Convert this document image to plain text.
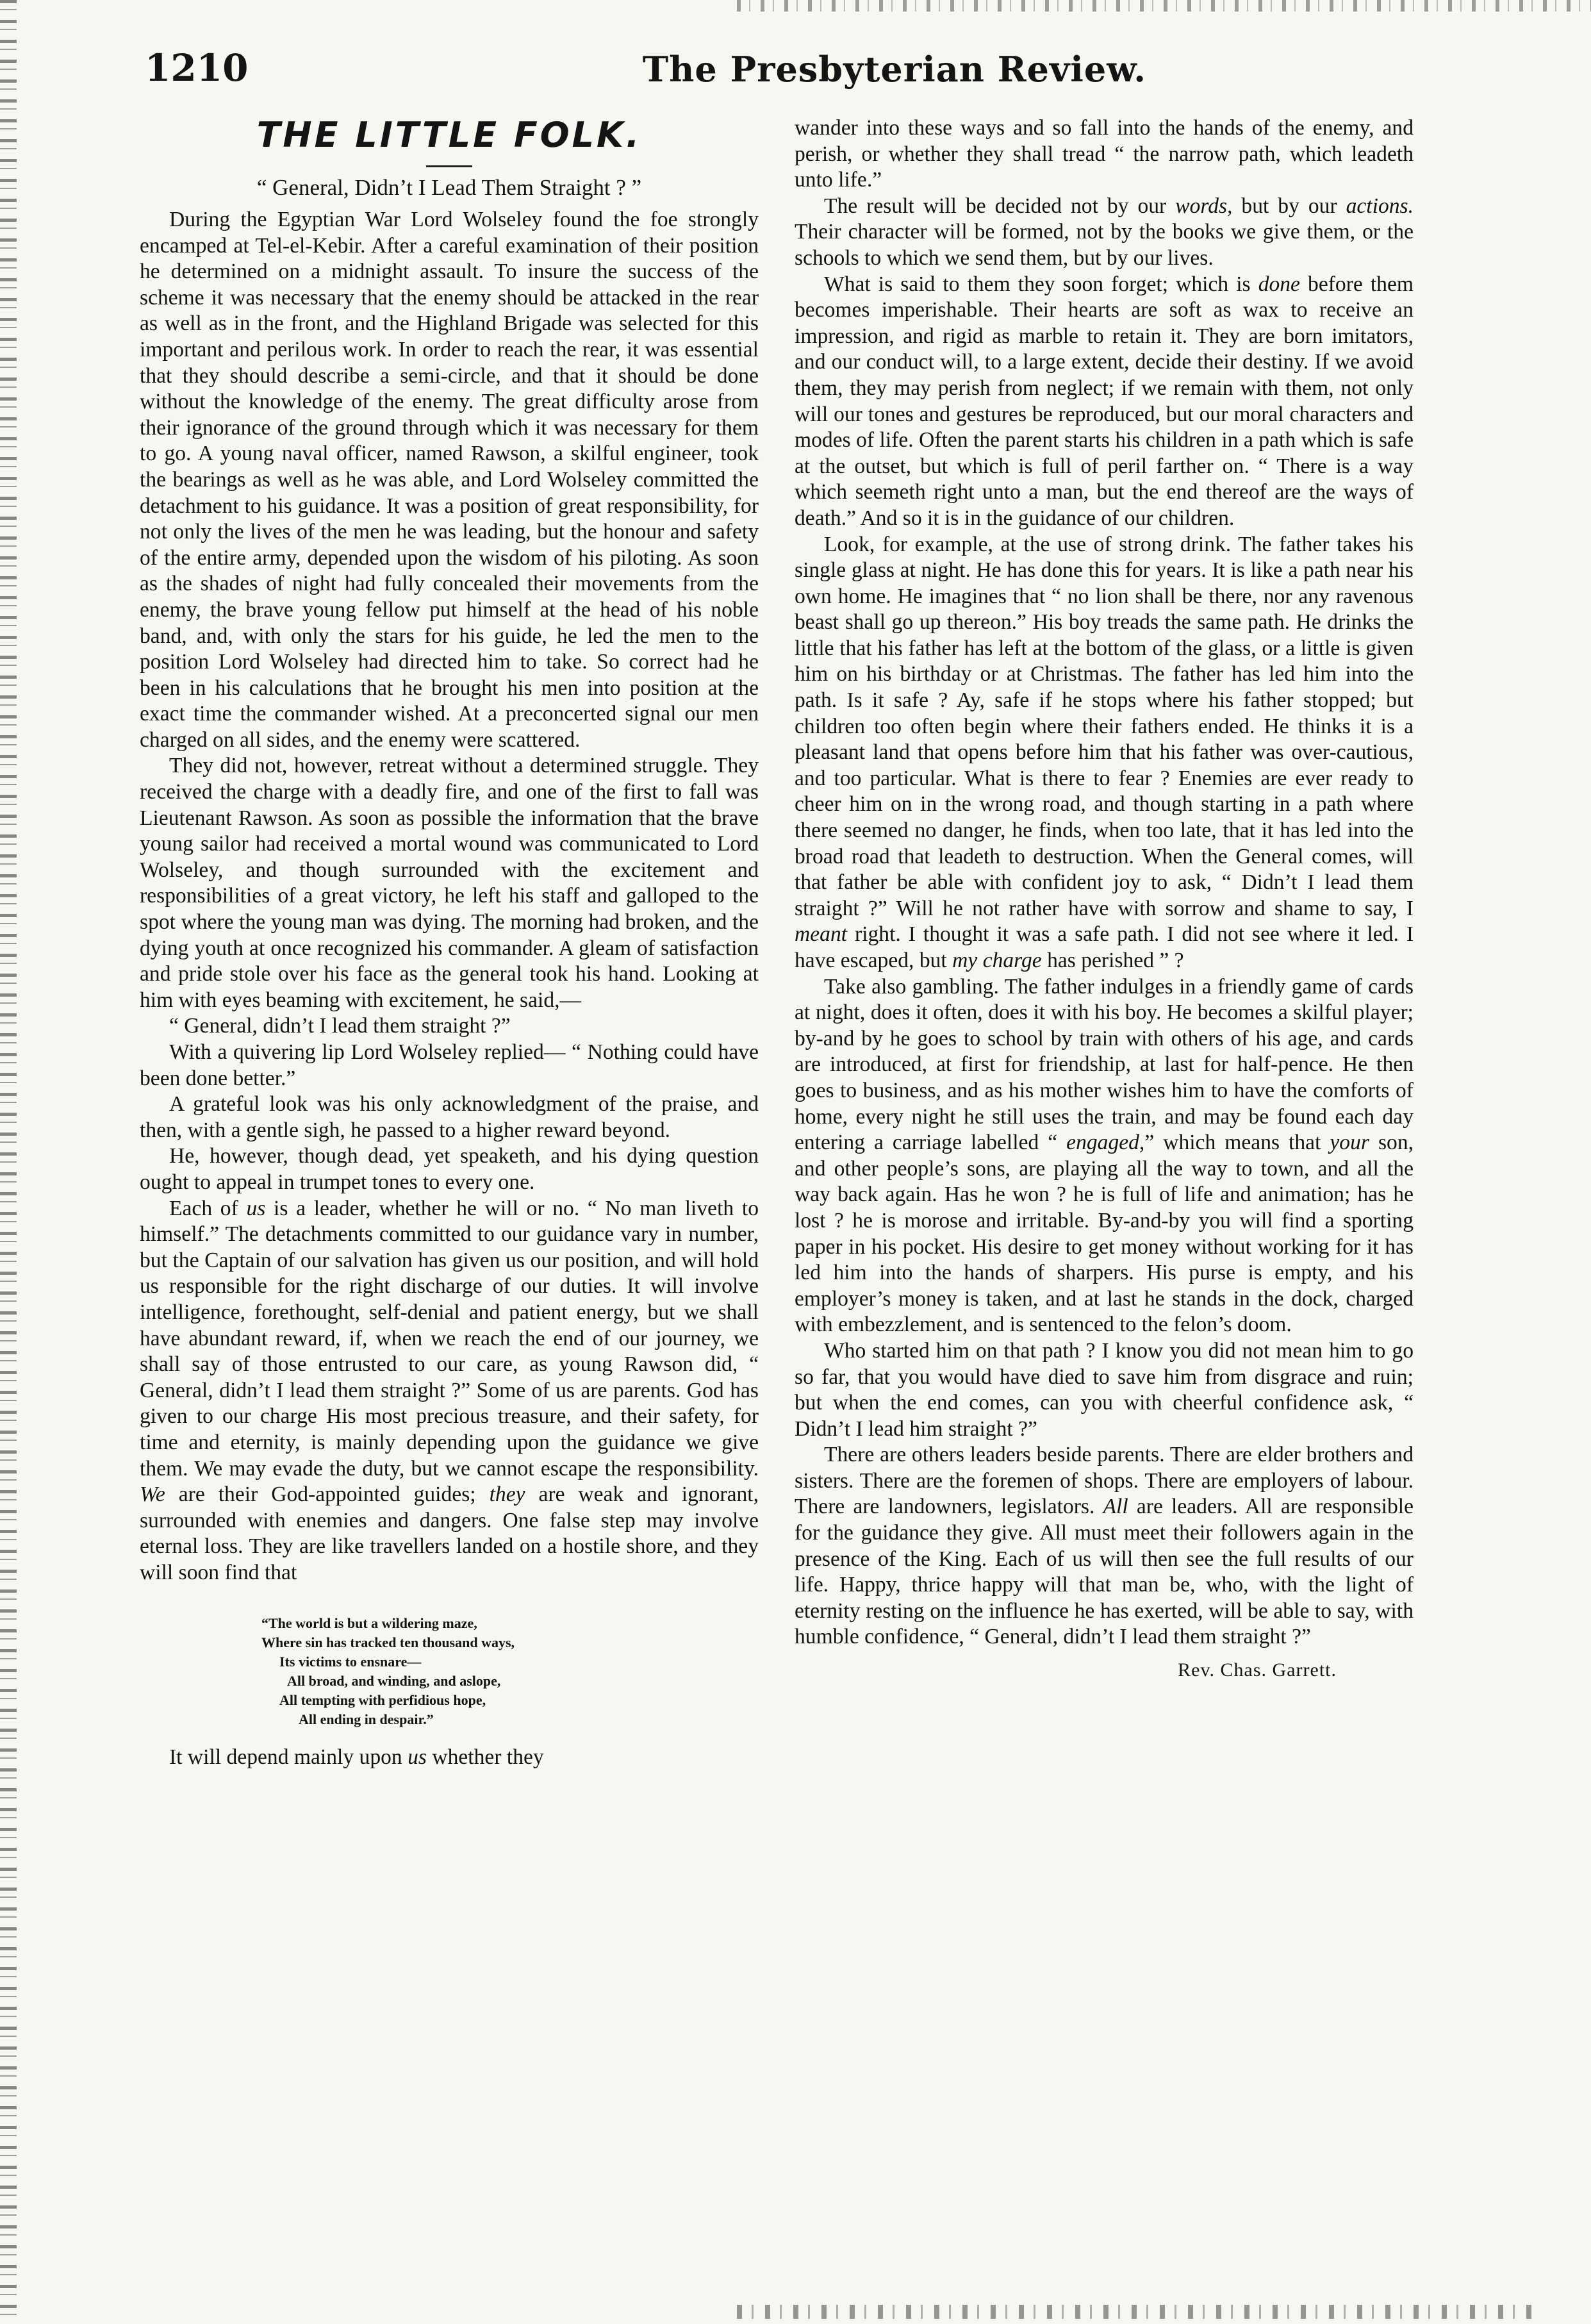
1210	The Presbyterian Review.
THE LITTLE FOLK.
“ General, Didn’t I Lead Them Straight ? ”

During the Egyptian War Lord Wolseley found the foe strongly encamped at Tel-el-Kebir. After a careful examination of their position he determined on a midnight assault. To insure the success of the scheme it was necessary that the enemy should be attacked in the rear as well as in the front, and the Highland Brigade was selected for this important and perilous work. In order to reach the rear, it was essential that they should describe a semi-circle, and that it should be done without the knowledge of the enemy. The great difficulty arose from their ignorance of the ground through which it was necessary for them to go. A young naval officer, named Rawson, a skilful engineer, took the bearings as well as he was able, and Lord Wolseley committed the detachment to his guidance. It was a position of great responsibility, for not only the lives of the men he was leading, but the honour and safety of the entire army, depended upon the wisdom of his piloting. As soon as the shades of night had fully concealed their movements from the enemy, the brave young fellow put himself at the head of his noble band, and, with only the stars for his guide, he led the men to the position Lord Wolseley had directed him to take. So correct had he been in his calculations that he brought his men into position at the exact time the commander wished. At a preconcerted signal our men charged on all sides, and the enemy were scattered.

They did not, however, retreat without a determined struggle. They received the charge with a deadly fire, and one of the first to fall was Lieutenant Rawson. As soon as possible the information that the brave young sailor had received a mortal wound was communicated to Lord Wolseley, and though surrounded with the excitement and responsibilities of a great victory, he left his staff and galloped to the spot where the young man was dying. The morning had broken, and the dying youth at once recognized his commander. A gleam of satisfaction and pride stole over his face as the general took his hand. Looking at him with eyes beaming with excitement, he said,—

“ General, didn’t I lead them straight ?”

With a quivering lip Lord Wolseley replied— “ Nothing could have been done better.”

A grateful look was his only acknowledgment of the praise, and then, with a gentle sigh, he passed to a higher reward beyond.

He, however, though dead, yet speaketh, and his dying question ought to appeal in trumpet tones to every one.

Each of us is a leader, whether he will or no. “ No man liveth to himself.” The detachments committed to our guidance vary in number, but the Captain of our salvation has given us our position, and will hold us responsible for the right discharge of our duties. It will involve intelligence, forethought, self-denial and patient energy, but we shall have abundant reward, if, when we reach the end of our journey, we shall say of those entrusted to our care, as young Rawson did, “ General, didn’t I lead them straight ?” Some of us are parents. God has given to our charge His most precious treasure, and their safety, for time and eternity, is mainly depending upon the guidance we give them. We may evade the duty, but we cannot escape the responsibility. We are their God-appointed guides; they are weak and ignorant, surrounded with enemies and dangers. One false step may involve eternal loss. They are like travellers landed on a hostile shore, and they will soon find that

“The world is but a wildering maze,
Where sin has tracked ten thousand ways,
Its victims to ensnare—
All broad, and winding, and aslope,
All tempting with perfidious hope,
All ending in despair.”

It will depend mainly upon us whether they

wander into these ways and so fall into the hands of the enemy, and perish, or whether they shall tread “ the narrow path, which leadeth unto life.”

The result will be decided not by our words, but by our actions. Their character will be formed, not by the books we give them, or the schools to which we send them, but by our lives.

What is said to them they soon forget; which is done before them becomes imperishable. Their hearts are soft as wax to receive an impression, and rigid as marble to retain it. They are born imitators, and our conduct will, to a large extent, decide their destiny. If we avoid them, they may perish from neglect; if we remain with them, not only will our tones and gestures be reproduced, but our moral characters and modes of life. Often the parent starts his children in a path which is safe at the outset, but which is full of peril farther on. “ There is a way which seemeth right unto a man, but the end thereof are the ways of death.” And so it is in the guidance of our children.

Look, for example, at the use of strong drink. The father takes his single glass at night. He has done this for years. It is like a path near his own home. He imagines that “ no lion shall be there, nor any ravenous beast shall go up thereon.” His boy treads the same path. He drinks the little that his father has left at the bottom of the glass, or a little is given him on his birthday or at Christmas. The father has led him into the path. Is it safe ? Ay, safe if he stops where his father stopped; but children too often begin where their fathers ended. He thinks it is a pleasant land that opens before him that his father was over-cautious, and too particular. What is there to fear ? Enemies are ever ready to cheer him on in the wrong road, and though starting in a path where there seemed no danger, he finds, when too late, that it has led into the broad road that leadeth to destruction. When the General comes, will that father be able with confident joy to ask, “ Didn’t I lead them straight ?” Will he not rather have with sorrow and shame to say, I meant right. I thought it was a safe path. I did not see where it led. I have escaped, but my charge has perished ” ?

Take also gambling. The father indulges in a friendly game of cards at night, does it often, does it with his boy. He becomes a skilful player; by-and by he goes to school by train with others of his age, and cards are introduced, at first for friendship, at last for half-pence. He then goes to business, and as his mother wishes him to have the comforts of home, every night he still uses the train, and may be found each day entering a carriage labelled “ engaged,” which means that your son, and other people’s sons, are playing all the way to town, and all the way back again. Has he won ? he is full of life and animation; has he lost ? he is morose and irritable. By-and-by you will find a sporting paper in his pocket. His desire to get money without working for it has led him into the hands of sharpers. His purse is empty, and his employer’s money is taken, and at last he stands in the dock, charged with embezzlement, and is sentenced to the felon’s doom.

Who started him on that path ? I know you did not mean him to go so far, that you would have died to save him from disgrace and ruin; but when the end comes, can you with cheerful confidence ask, “ Didn’t I lead him straight ?”

There are others leaders beside parents. There are elder brothers and sisters. There are the foremen of shops. There are employers of labour. There are landowners, legislators. All are leaders. All are responsible for the guidance they give. All must meet their followers again in the presence of the King. Each of us will then see the full results of our life. Happy, thrice happy will that man be, who, with the light of eternity resting on the influence he has exerted, will be able to say, with humble confidence, “ General, didn’t I lead them straight ?”

Rev. Chas. Garrett.
